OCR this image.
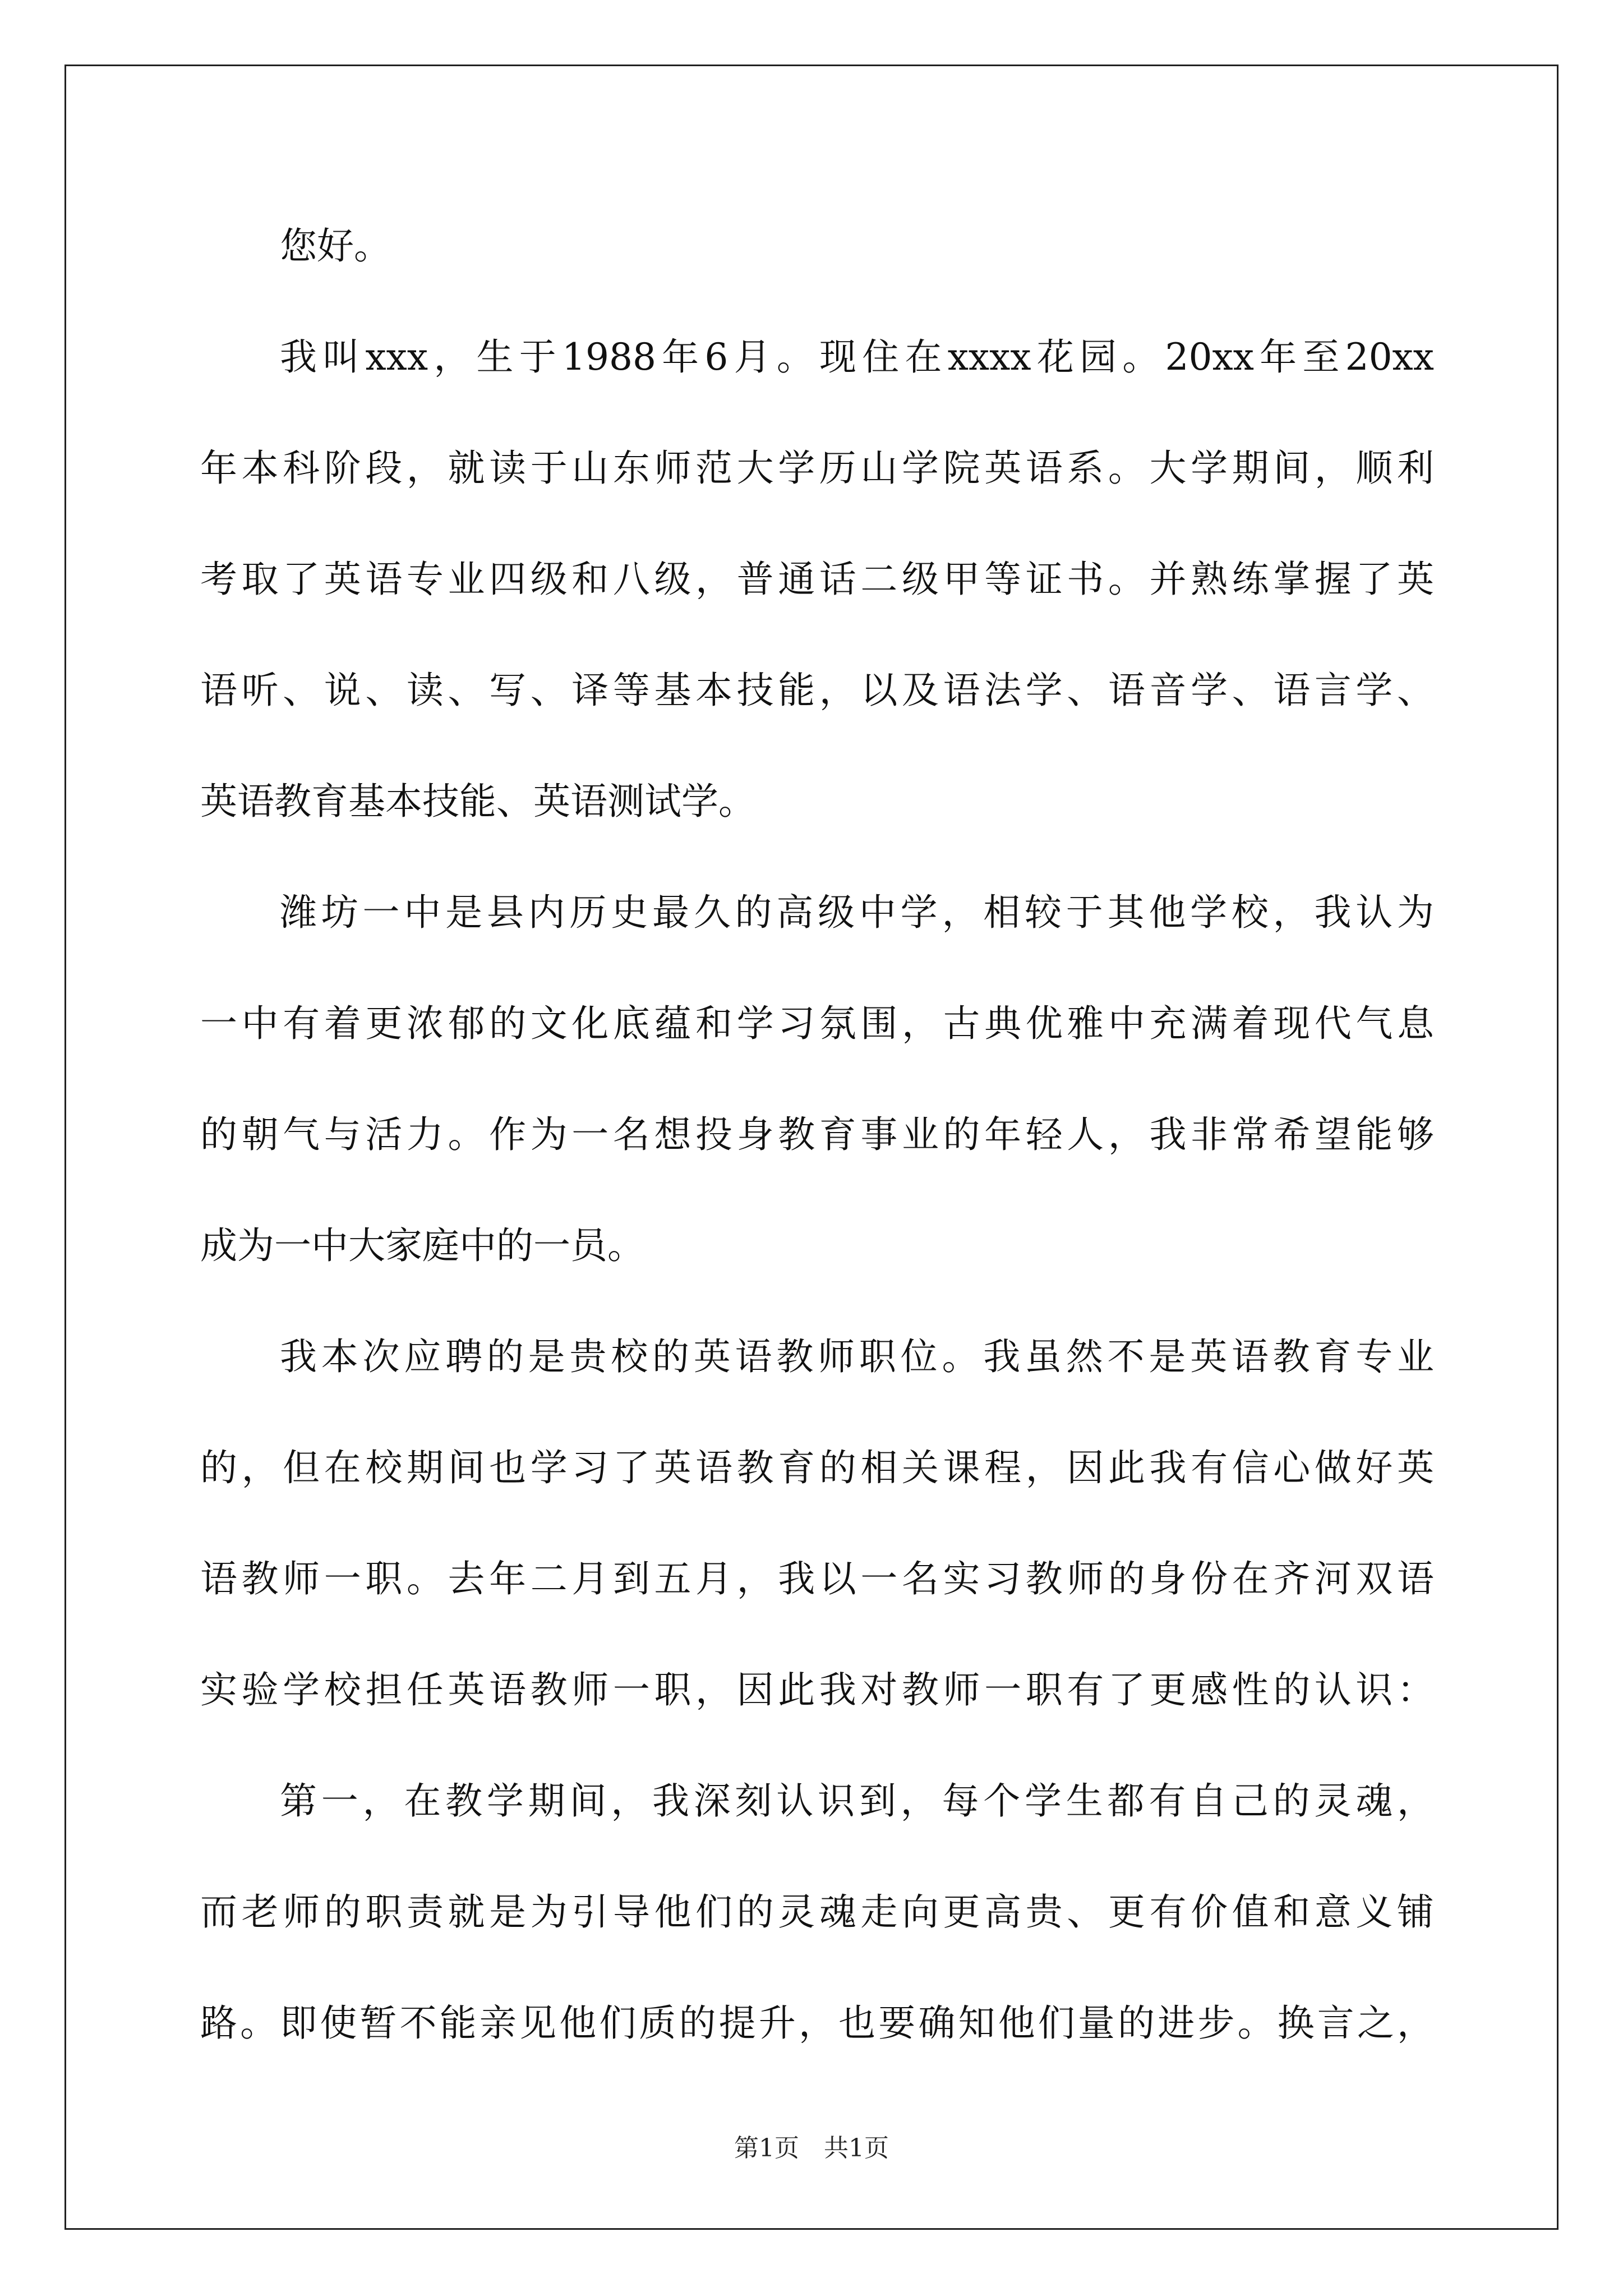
您好。
我叫xxx，生于1988年6月。现住在xxxx花园。20xx年至20xx
年本科阶段，就读于山东师范大学历山学院英语系。大学期间，顺利
考取了英语专业四级和八级，普通话二级甲等证书。并熟练掌握了英
语听、说、读、写、译等基本技能，以及语法学、语音学、语言学、
英语教育基本技能、英语测试学。
潍坊一中是县内历史最久的高级中学，相较于其他学校，我认为
一中有着更浓郁的文化底蕴和学习氛围，古典优雅中充满着现代气息
的朝气与活力。作为一名想投身教育事业的年轻人，我非常希望能够
成为一中大家庭中的一员。
我本次应聘的是贵校的英语教师职位。我虽然不是英语教育专业
的，但在校期间也学习了英语教育的相关课程，因此我有信心做好英
语教师一职。去年二月到五月，我以一名实习教师的身份在齐河双语
实验学校担任英语教师一职，因此我对教师一职有了更感性的认识：
第一，在教学期间，我深刻认识到，每个学生都有自己的灵魂，
而老师的职责就是为引导他们的灵魂走向更高贵、更有价值和意义铺
路。即使暂不能亲见他们质的提升，也要确知他们量的进步。换言之，
第1页　共1页
